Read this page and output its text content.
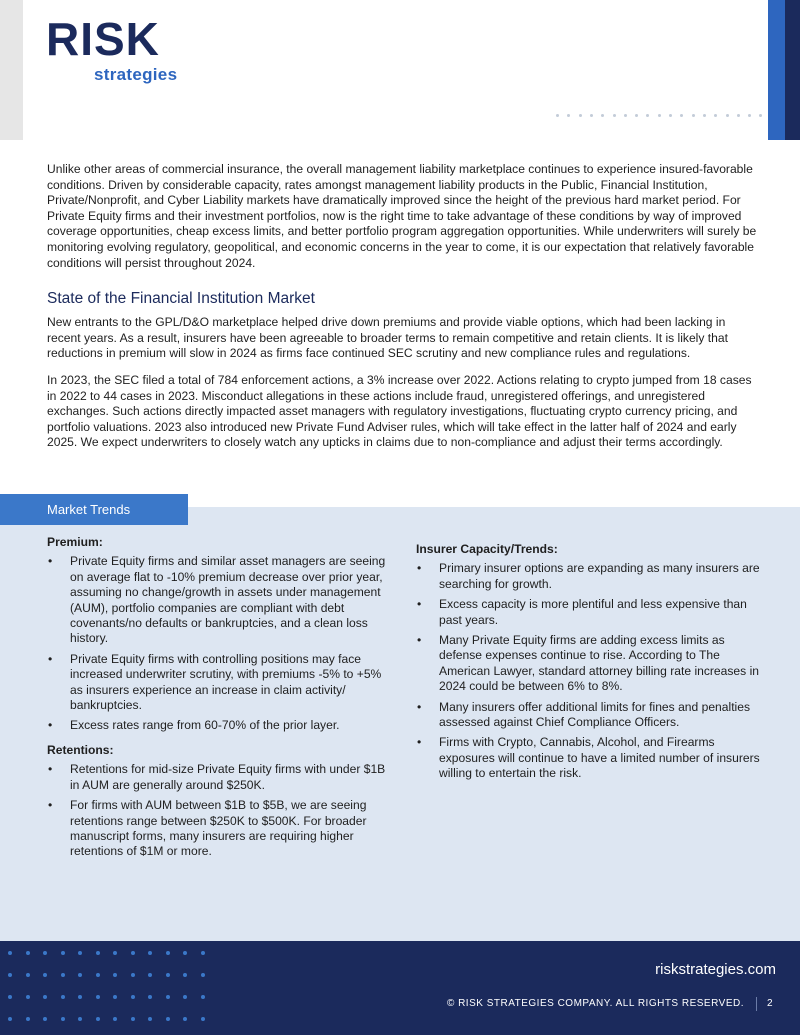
RISK
strategies

Unlike other areas of commercial insurance, the overall management liability marketplace continues to experience insured-favorable conditions. Driven by considerable capacity, rates amongst management liability products in the Public, Financial Institution, Private/Nonprofit, and Cyber Liability markets have dramatically improved since the height of the previous hard market period. For Private Equity firms and their investment portfolios, now is the right time to take advantage of these conditions by way of improved coverage opportunities, cheap excess limits, and better portfolio program aggregation opportunities. While underwriters will surely be monitoring evolving regulatory, geopolitical, and economic concerns in the year to come, it is our expectation that relatively favorable conditions will persist throughout 2024.

State of the Financial Institution Market

New entrants to the GPL/D&O marketplace helped drive down premiums and provide viable options, which had been lacking in recent years. As a result, insurers have been agreeable to broader terms to remain competitive and retain clients. It is likely that reductions in premium will slow in 2024 as firms face continued SEC scrutiny and new compliance rules and regulations.

In 2023, the SEC filed a total of 784 enforcement actions, a 3% increase over 2022. Actions relating to crypto jumped from 18 cases in 2022 to 44 cases in 2023. Misconduct allegations in these actions include fraud, unregistered offerings, and unregistered exchanges. Such actions directly impacted asset managers with regulatory investigations, fluctuating crypto currency pricing, and portfolio valuations. 2023 also introduced new Private Fund Adviser rules, which will take effect in the latter half of 2024 and early 2025. We expect underwriters to closely watch any upticks in claims due to non-compliance and adjust their terms accordingly.

Market Trends
Premium:
• Private Equity firms and similar asset managers are seeing on average flat to -10% premium decrease over prior year, assuming no change/growth in assets under management (AUM), portfolio companies are compliant with debt covenants/no defaults or bankruptcies, and a clean loss history.
• Private Equity firms with controlling positions may face increased underwriter scrutiny, with premiums -5% to +5% as insurers experience an increase in claim activity/ bankruptcies.
• Excess rates range from 60-70% of the prior layer.
Retentions:
• Retentions for mid-size Private Equity firms with under $1B in AUM are generally around $250K.
• For firms with AUM between $1B to $5B, we are seeing retentions range between $250K to $500K. For broader manuscript forms, many insurers are requiring higher retentions of $1M or more.
Insurer Capacity/Trends:
• Primary insurer options are expanding as many insurers are searching for growth.
• Excess capacity is more plentiful and less expensive than past years.
• Many Private Equity firms are adding excess limits as defense expenses continue to rise. According to The American Lawyer, standard attorney billing rate increases in 2024 could be between 6% to 8%.
• Many insurers offer additional limits for fines and penalties assessed against Chief Compliance Officers.
• Firms with Crypto, Cannabis, Alcohol, and Firearms exposures will continue to have a limited number of insurers willing to entertain the risk.
riskstrategies.com
© RISK STRATEGIES COMPANY. ALL RIGHTS RESERVED. 2
